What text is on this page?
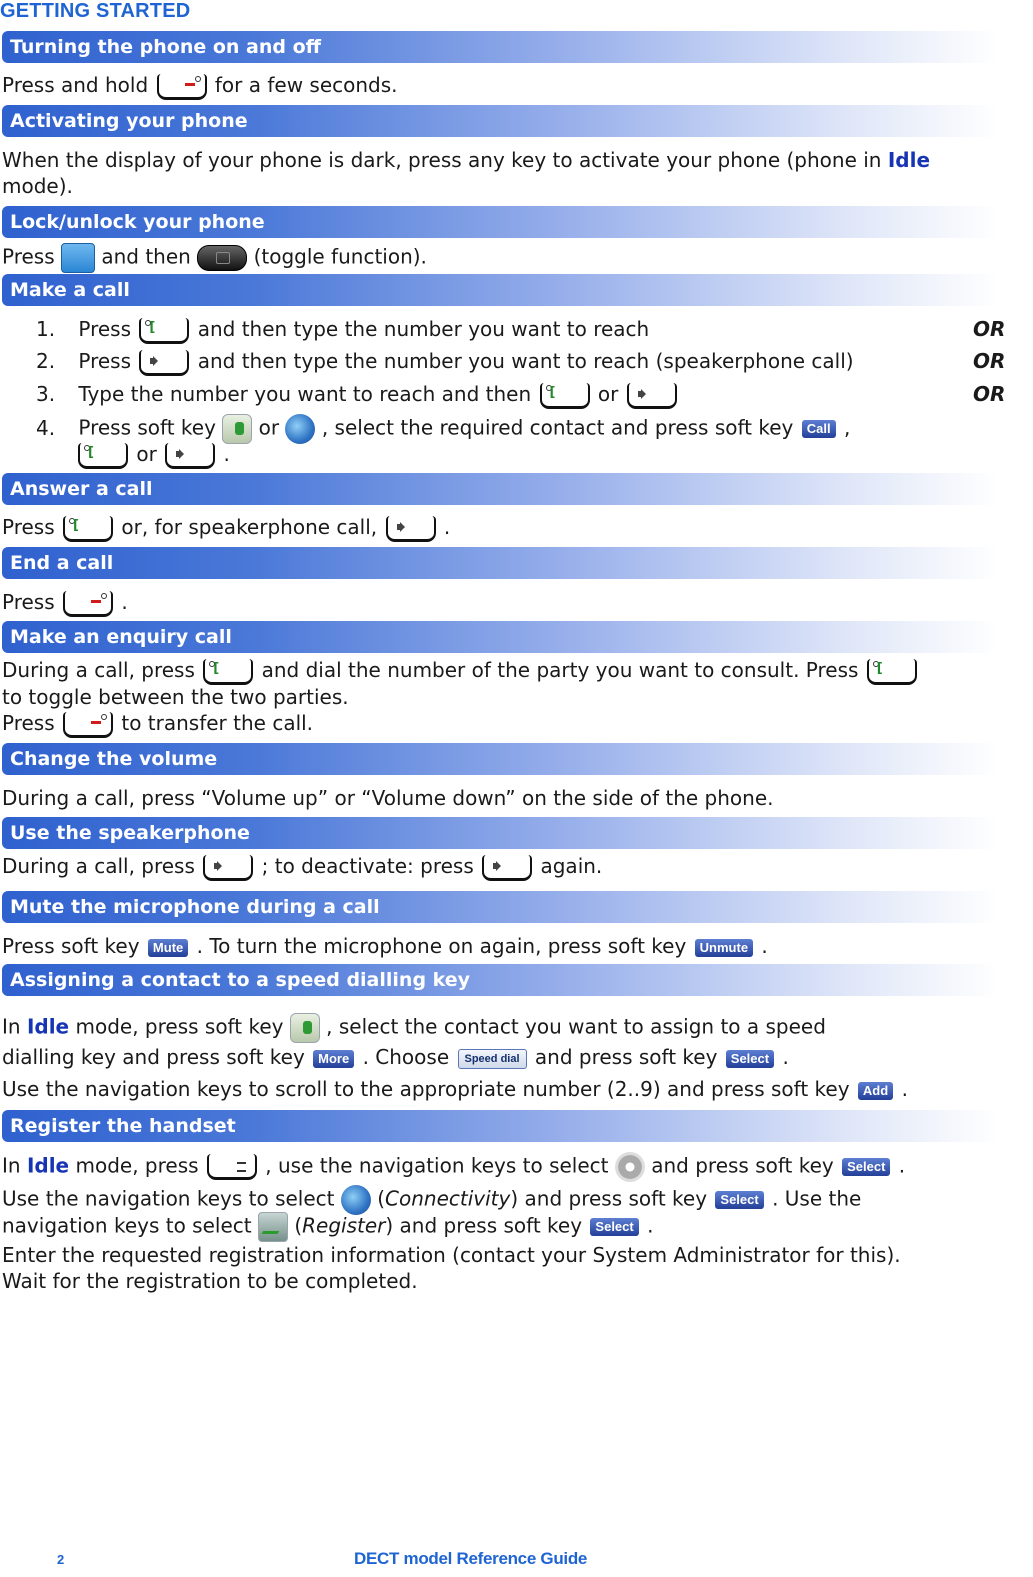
GETTING STARTED
Turning the phone on and off
Press and hold	for a few seconds.
Activating your phone
When the display of your phone is dark, press any key to activate your phone (phone in Idle
mode).
Lock/unlock your phone
Press and then	(toggle function).
Make a call
1. Press [	and then type the number you want to reach	OR
2. Press	and then type the number you want to reach (speakerphone call)	OR
3. Type the number you want to reach and then [	or	OR
4. Press soft key or , select the required contact and press soft key Call ,
[ or	.
Answer a call
Press [	or, for speakerphone call,	.
End a call
Press	.
Make an enquiry call
During a call, press [	and dial the number of the party you want to consult. Press [
to toggle between the two parties.
Press	to transfer the call.
Change the volume
During a call, press “Volume up” or “Volume down” on the side of the phone.
Use the speakerphone
During a call, press	; to deactivate: press	again.
Mute the microphone during a call
Press soft key Mute . To turn the microphone on again, press soft key Unmute .
Assigning a contact to a speed dialling key
In Idle mode, press soft key , select the contact you want to assign to a speed
dialling key and press soft key More . Choose Speed dial and press soft key Select .
Use the navigation keys to scroll to the appropriate number (2..9) and press soft key Add .
Register the handset
In Idle mode, press	, use the navigation keys to select and press soft key Select .
Use the navigation keys to select (Connectivity) and press soft key Select . Use the
navigation keys to select (Register) and press soft key Select .
Enter the requested registration information (contact your System Administrator for this).
Wait for the registration to be completed.
2	DECT model Reference Guide
